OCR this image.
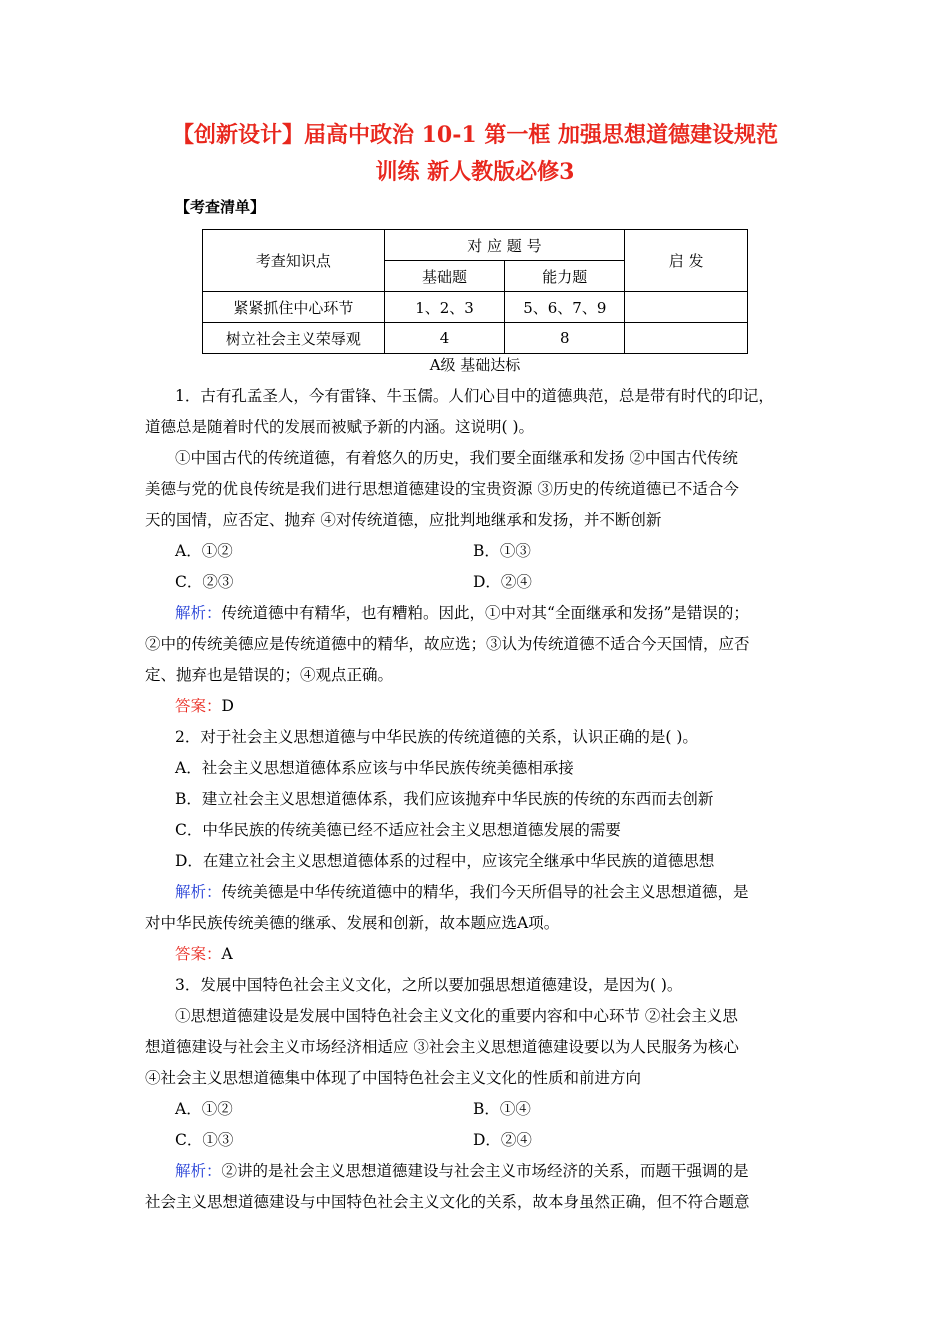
【创新设计】届高中政治 10-1 第一框 加强思想道德建设规范
训练 新人教版必修3
【考查清单】
考查知识点	对 应 题 号		启 发
	基础题	能力题	
紧紧抓住中心环节	1、2、3	5、6、7、9	
树立社会主义荣辱观	4	8	
A级 基础达标
1．古有孔孟圣人，今有雷锋、牛玉儒。人们心目中的道德典范，总是带有时代的印记，
道德总是随着时代的发展而被赋予新的内涵。这说明( )。
①中国古代的传统道德，有着悠久的历史，我们要全面继承和发扬 ②中国古代传统
美德与党的优良传统是我们进行思想道德建设的宝贵资源 ③历史的传统道德已不适合今
天的国情，应否定、抛弃 ④对传统道德，应批判地继承和发扬，并不断创新
A．①②	B．①③
C．②③	D．②④
解析：传统道德中有精华，也有糟粕。因此，①中对其“全面继承和发扬”是错误的；
②中的传统美德应是传统道德中的精华，故应选；③认为传统道德不适合今天国情，应否
定、抛弃也是错误的；④观点正确。
答案：D
2．对于社会主义思想道德与中华民族的传统道德的关系，认识正确的是( )。
A．社会主义思想道德体系应该与中华民族传统美德相承接
B．建立社会主义思想道德体系，我们应该抛弃中华民族的传统的东西而去创新
C．中华民族的传统美德已经不适应社会主义思想道德发展的需要
D．在建立社会主义思想道德体系的过程中，应该完全继承中华民族的道德思想
解析：传统美德是中华传统道德中的精华，我们今天所倡导的社会主义思想道德，是
对中华民族传统美德的继承、发展和创新，故本题应选A项。
答案：A
3．发展中国特色社会主义文化，之所以要加强思想道德建设，是因为( )。
①思想道德建设是发展中国特色社会主义文化的重要内容和中心环节 ②社会主义思
想道德建设与社会主义市场经济相适应 ③社会主义思想道德建设要以为人民服务为核心
④社会主义思想道德集中体现了中国特色社会主义文化的性质和前进方向
A．①②	B．①④
C．①③	D．②④
解析：②讲的是社会主义思想道德建设与社会主义市场经济的关系，而题干强调的是
社会主义思想道德建设与中国特色社会主义文化的关系，故本身虽然正确，但不符合题意
